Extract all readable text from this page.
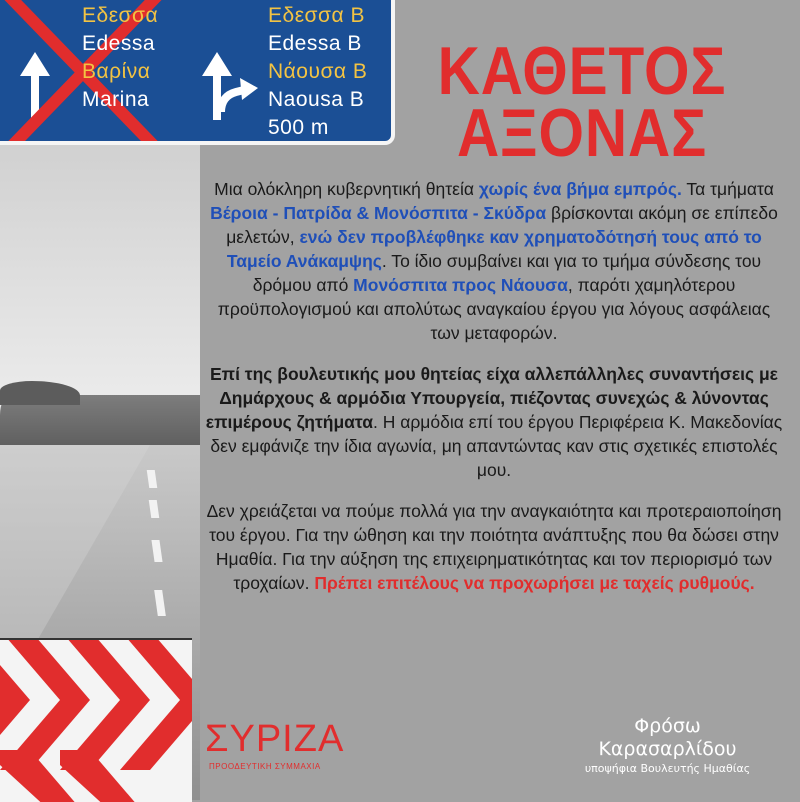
Εδεσσα
Edessa
Βαρίνα
Marina
Εδεσσα Β
Edessa B
Νάουσα Β
Naousa B
500 m
ΚΑΘΕΤΟΣ
ΑΞΟΝΑΣ

Μια ολόκληρη κυβερνητική θητεία χωρίς ένα βήμα εμπρός. Τα τμήματα Βέροια - Πατρίδα & Μονόσπιτα - Σκύδρα βρίσκονται ακόμη σε επίπεδο μελετών, ενώ δεν προβλέφθηκε καν χρηματοδότησή τους από το Ταμείο Ανάκαμψης. Το ίδιο συμβαίνει και για το τμήμα σύνδεσης του δρόμου από Μονόσπιτα προς Νάουσα, παρότι χαμηλότερου προϋπολογισμού και απολύτως αναγκαίου έργου για λόγους ασφάλειας των μεταφορών.

Επί της βουλευτικής μου θητείας είχα αλλεπάλληλες συναντήσεις με Δημάρχους & αρμόδια Υπουργεία, πιέζοντας συνεχώς & λύνοντας επιμέρους ζητήματα. Η αρμόδια επί του έργου Περιφέρεια Κ. Μακεδονίας δεν εμφάνιζε την ίδια αγωνία, μη απαντώντας καν στις σχετικές επιστολές μου.

Δεν χρειάζεται να πούμε πολλά για την αναγκαιότητα και προτεραιοποίηση του έργου. Για την ώθηση και την ποιότητα ανάπτυξης που θα δώσει στην Ημαθία. Για την αύξηση της επιχειρηματικότητας και τον περιορισμό των τροχαίων. Πρέπει επιτέλους να προχωρήσει με ταχείς ρυθμούς.

ΣΥΡΙΖΑ
ΠΡΟΟΔΕΥΤΙΚΗ ΣΥΜΜΑΧΙΑ
Φρόσω
Καρασαρλίδου
υποψήφια Βουλευτής Ημαθίας
